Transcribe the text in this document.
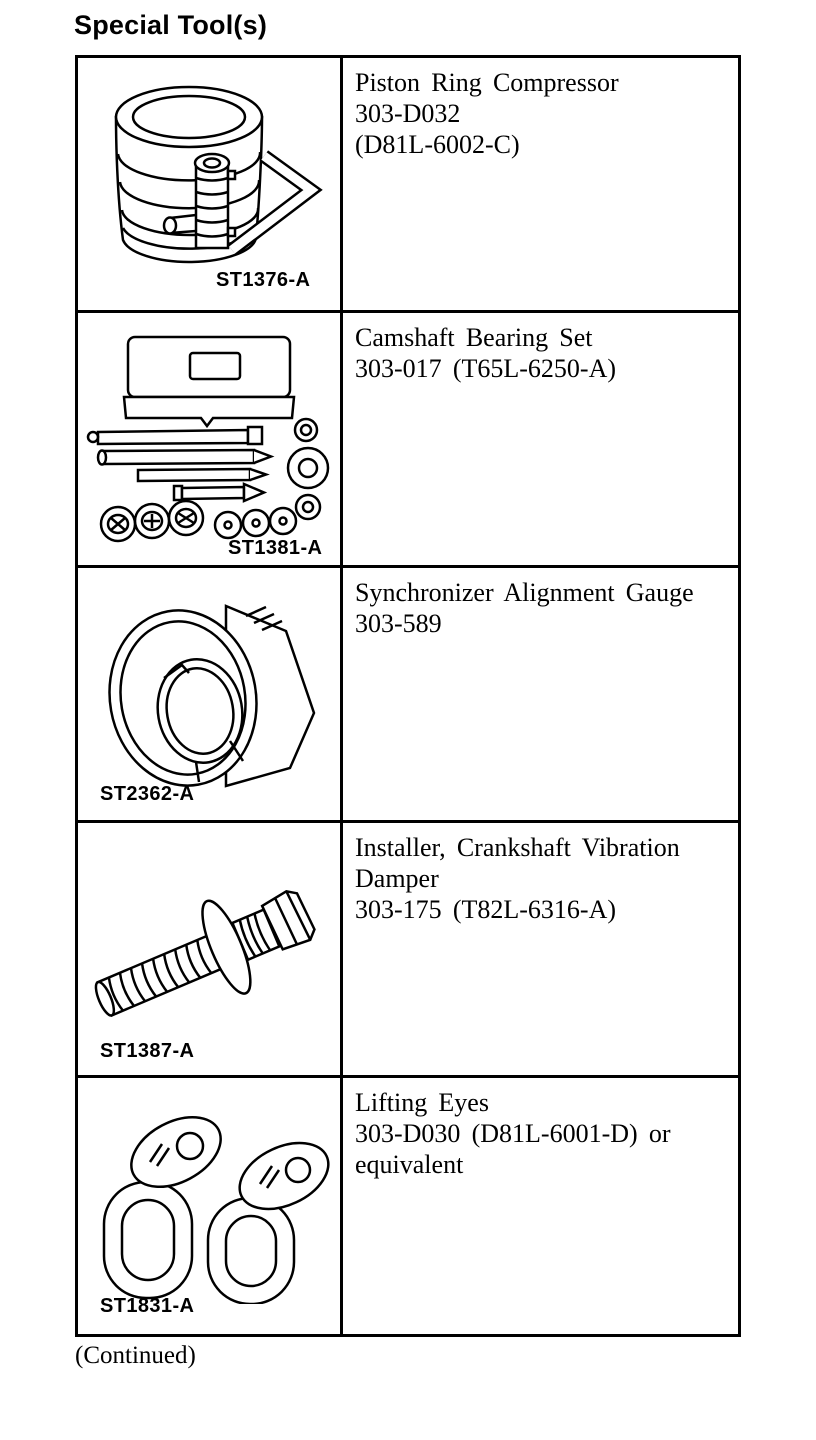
Special Tool(s)
ST1376-A
Piston Ring Compressor
303-D032
(D81L-6002-C)
ST1381-A
Camshaft Bearing Set
303-017 (T65L-6250-A)
ST2362-A
Synchronizer Alignment Gauge
303-589
ST1387-A
Installer, Crankshaft Vibration
Damper
303-175 (T82L-6316-A)
ST1831-A
Lifting Eyes
303-D030 (D81L-6001-D) or
equivalent
(Continued)
